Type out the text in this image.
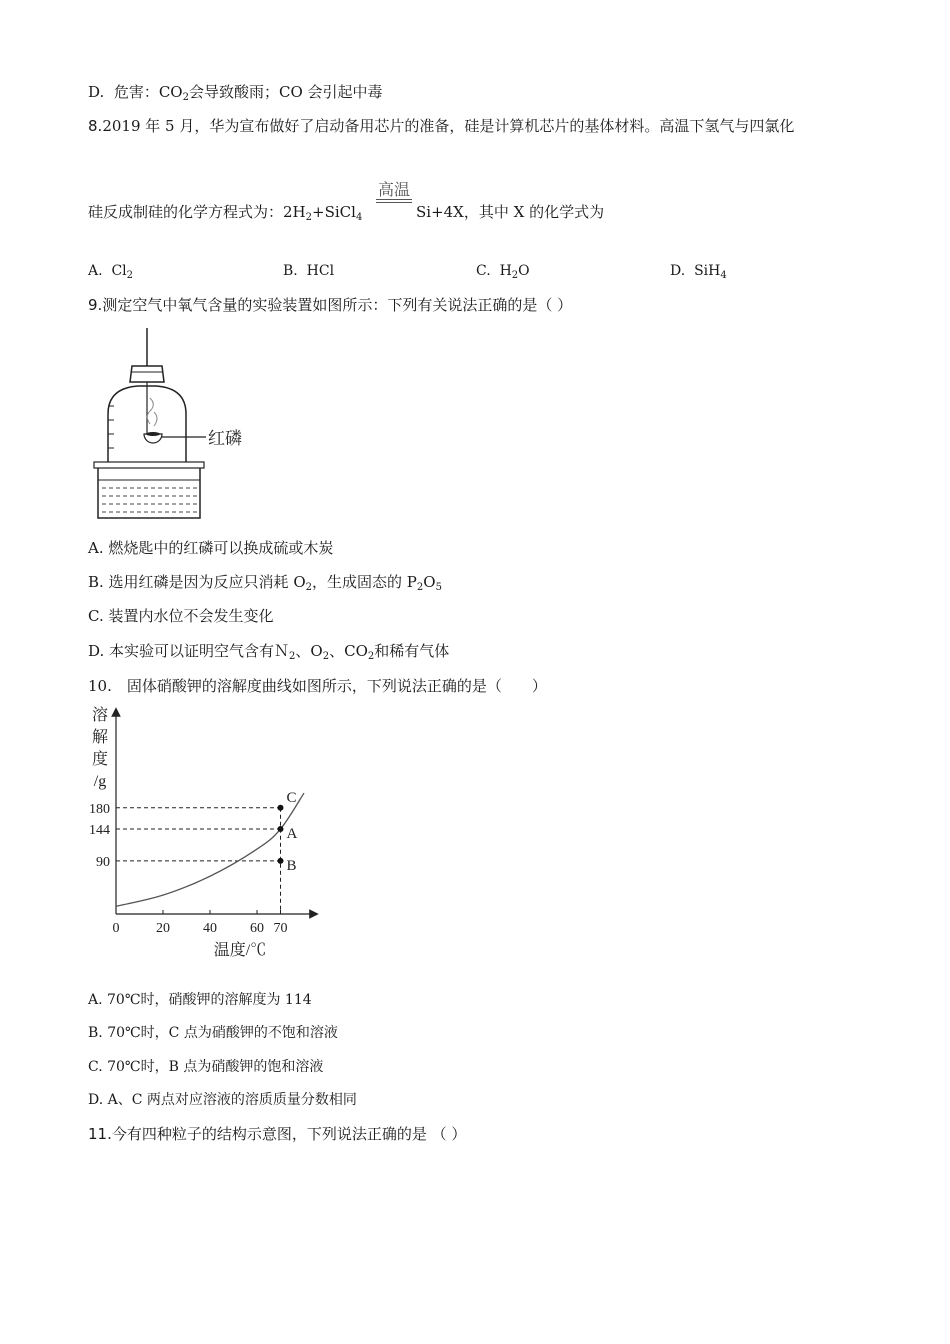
D. 危害：$CO_2$会导致酸雨；CO 会引起中毒
8.2019 年 5 月，华为宣布做好了启动备用芯片的准备，硅是计算机芯片的基体材料。高温下氢气与四氯化
高温
硅反成制硅的化学方程式为：$2H_2+SiCl_4$	Si+4X，其中 X 的化学式为
A. $Cl_2$	B. HCl	C. $H_2O$	D. SiH$_4$
9.测定空气中氧气含量的实验装置如图所示：下列有关说法正确的是（ ）
红磷
A. 燃烧匙中的红磷可以换成硫或木炭
B. 选用红磷是因为反应只消耗 $O_2$，生成固态的 $P_2O_5$
C. 装置内水位不会发生变化
D. 本实验可以证明空气含有Ｎ$_2$、$O_2$、$CO_2$和稀有气体
10.　固体硝酸钾的溶解度曲线如图所示，下列说法正确的是（　　）
溶
解
度
/g
温度/℃
0	20 40 60 70
180
144
90
C
A
B
A. 70℃时，硝酸钾的溶解度为 114
B. 70℃时，C 点为硝酸钾的不饱和溶液
C. 70℃时，B 点为硝酸钾的饱和溶液
D. A、C 两点对应溶液的溶质质量分数相同
11.今有四种粒子的结构示意图，下列说法正确的是 （ ）
